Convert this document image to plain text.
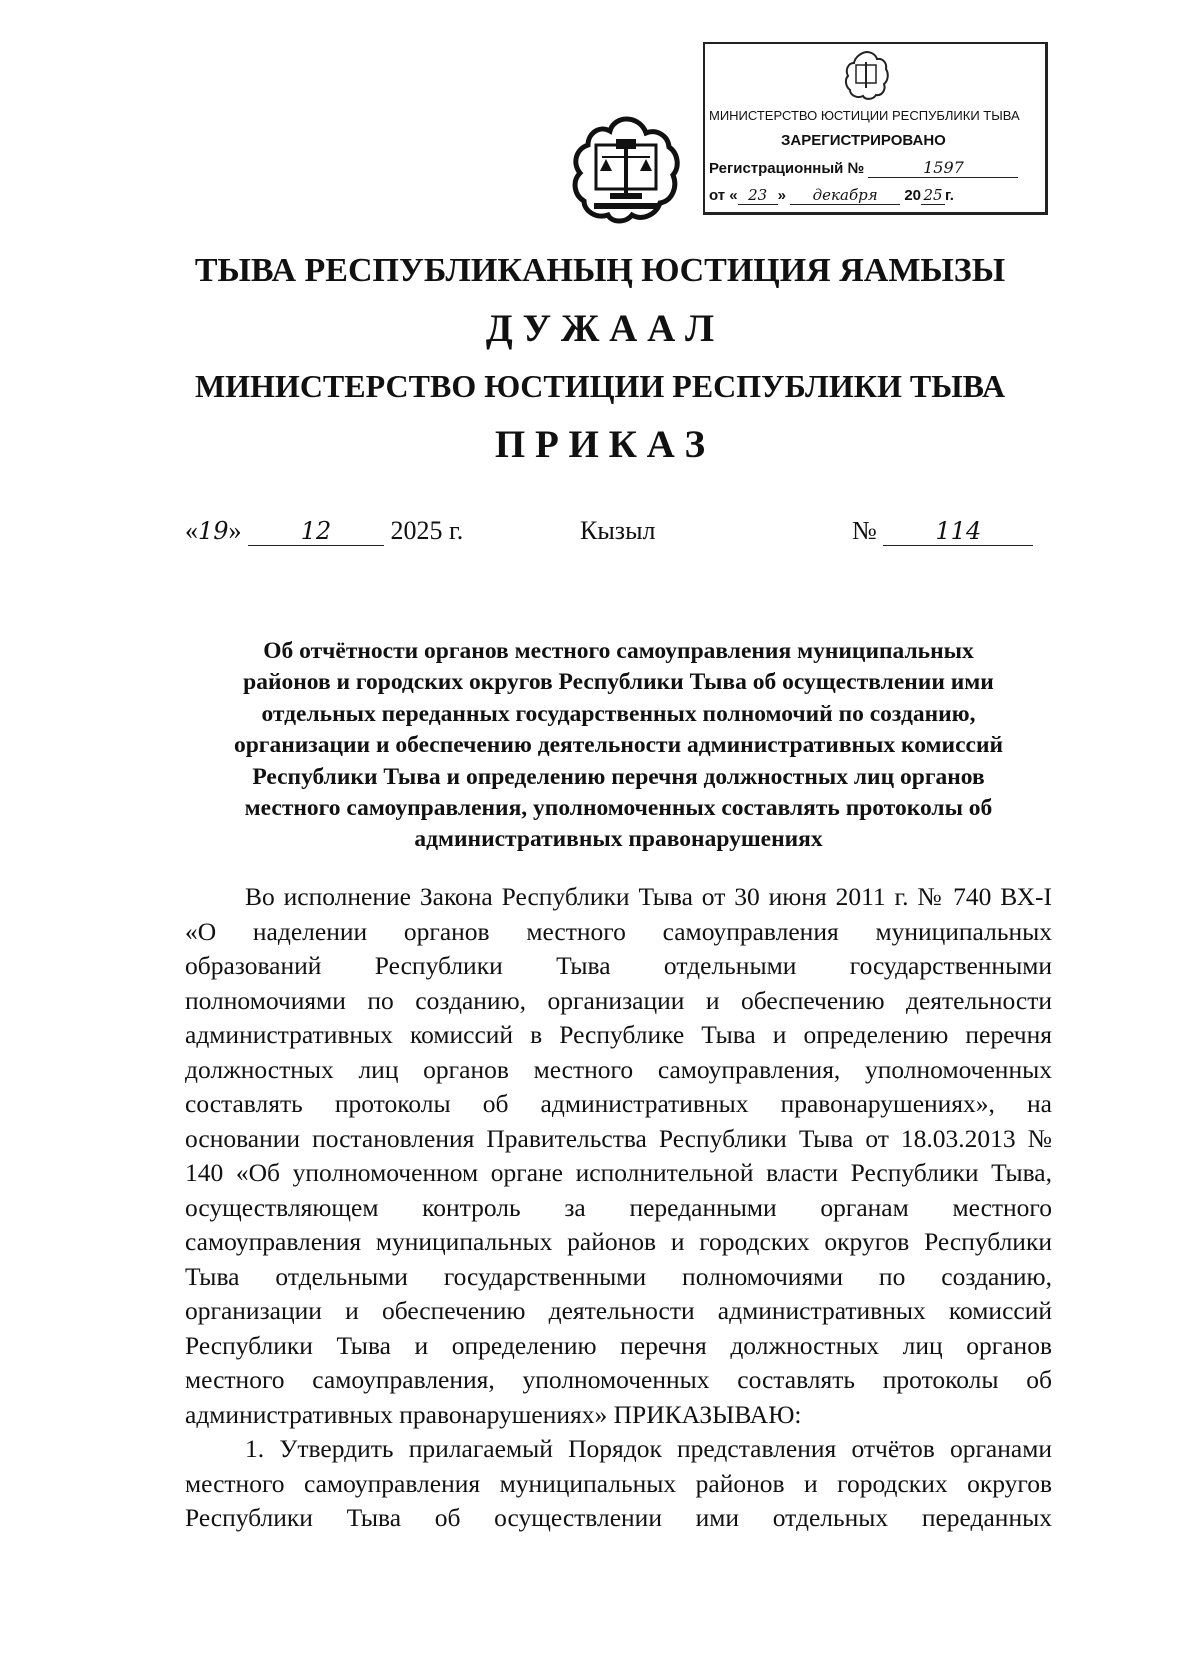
МИНИСТЕРСТВО ЮСТИЦИИ РЕСПУБЛИКИ ТЫВА
ЗАРЕГИСТРИРОВАНО
Регистрационный №	1597
от « 23 » декабря 20 25 г.
ТЫВА РЕСПУБЛИКАНЫҢ ЮСТИЦИЯ ЯАМЫЗЫ
Д У Ж А А Л
МИНИСТЕРСТВО ЮСТИЦИИ РЕСПУБЛИКИ ТЫВА
П Р И К А З
«19» 12 2025 г.	Кызыл	№ 114
Об отчётности органов местного самоуправления муниципальных
районов и городских округов Республики Тыва об осуществлении ими
отдельных переданных государственных полномочий по созданию,
организации и обеспечению деятельности административных комиссий
Республики Тыва и определению перечня должностных лиц органов
местного самоуправления, уполномоченных составлять протоколы об
административных правонарушениях
Во исполнение Закона Республики Тыва от 30 июня 2011 г. № 740 ВХ-I
«О наделении органов местного самоуправления муниципальных
образований Республики Тыва отдельными государственными
полномочиями по созданию, организации и обеспечению деятельности
административных комиссий в Республике Тыва и определению перечня
должностных лиц органов местного самоуправления, уполномоченных
составлять протоколы об административных правонарушениях», на
основании постановления Правительства Республики Тыва от 18.03.2013 №
140 «Об уполномоченном органе исполнительной власти Республики Тыва,
осуществляющем контроль за переданными органам местного
самоуправления муниципальных районов и городских округов Республики
Тыва отдельными государственными полномочиями по созданию,
организации и обеспечению деятельности административных комиссий
Республики Тыва и определению перечня должностных лиц органов
местного самоуправления, уполномоченных составлять протоколы об
административных правонарушениях» ПРИКАЗЫВАЮ:
1. Утвердить прилагаемый Порядок представления отчётов органами
местного самоуправления муниципальных районов и городских округов
Республики Тыва об осуществлении ими отдельных переданных
